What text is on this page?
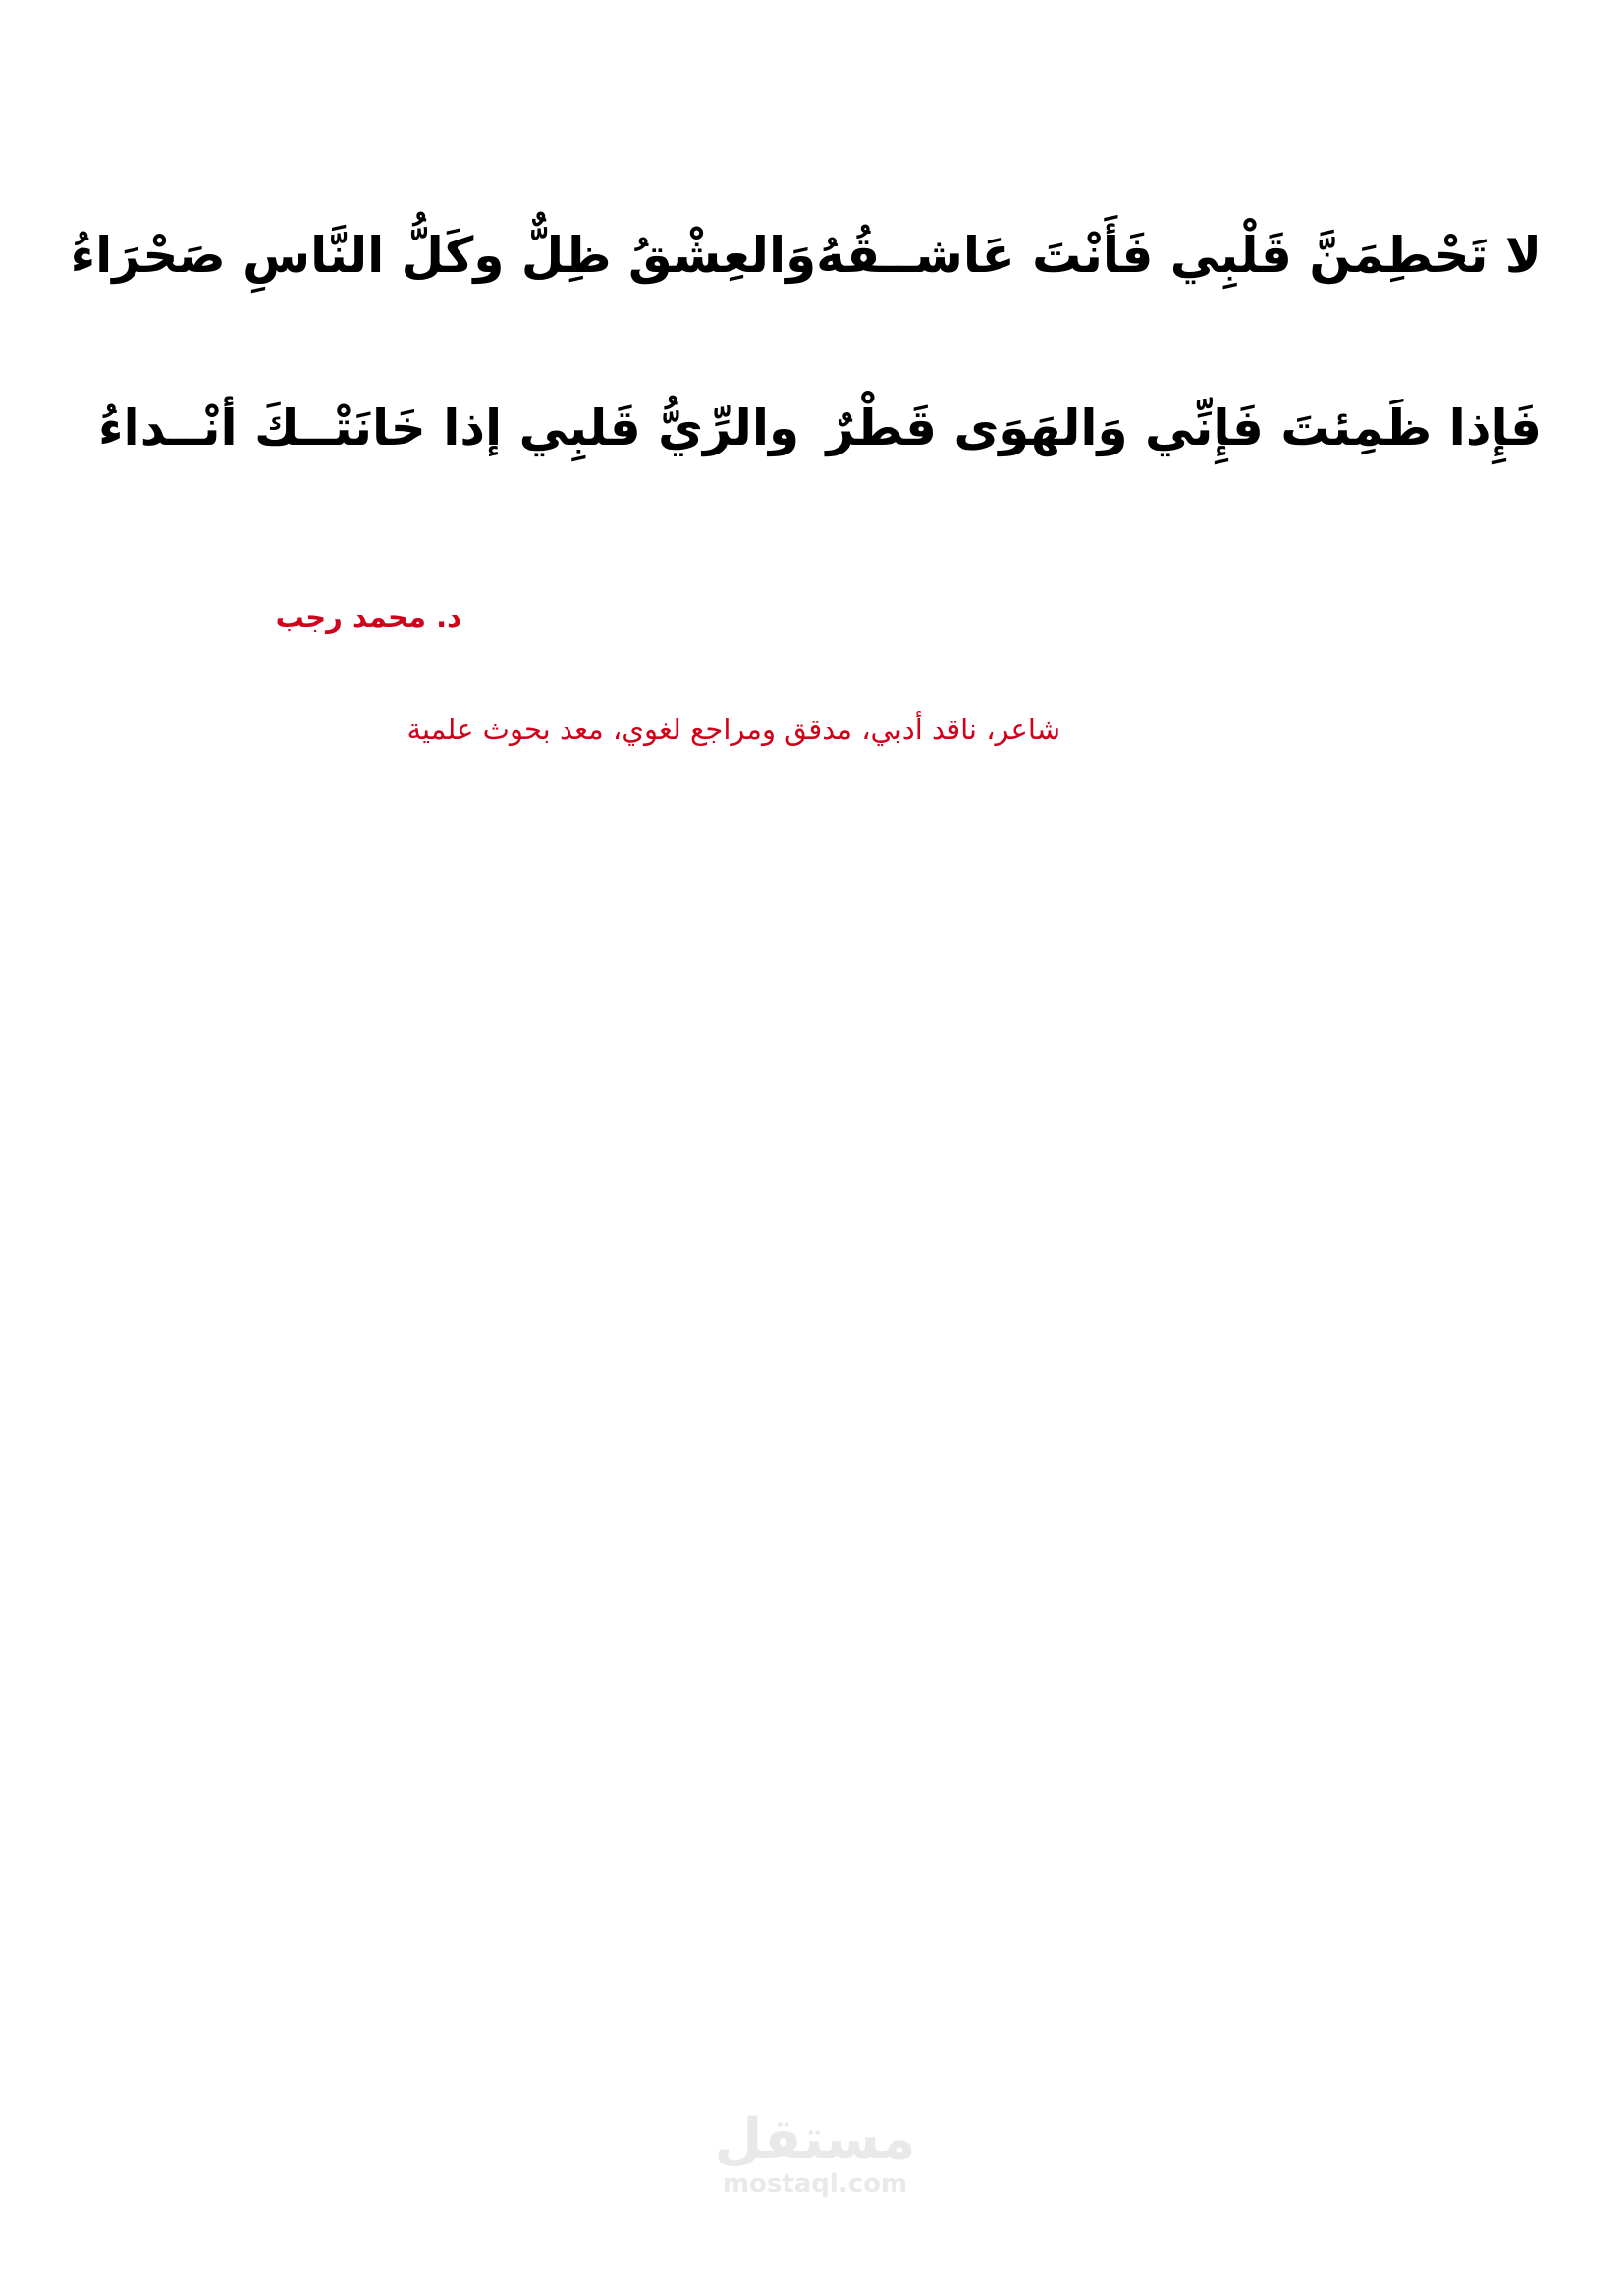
لا تَحْطِمَنَّ قَلْبِي فَأَنْتَ عَاشــقُهُ
وَالعِشْقُ ظِلٌّ وكَلُّ النَّاسِ صَحْرَاءُ
فَإِذا ظَمِئتَ فَإِنِّي وَالهَوَى قَطْرٌ
والرِّيُّ قَلبِي إذا خَانَتْــكَ أنْــداءُ
د. محمد رجب
شاعر، ناقد أدبي، مدقق ومراجع لغوي، معد بحوث علمية
مستقل
mostaql.com
